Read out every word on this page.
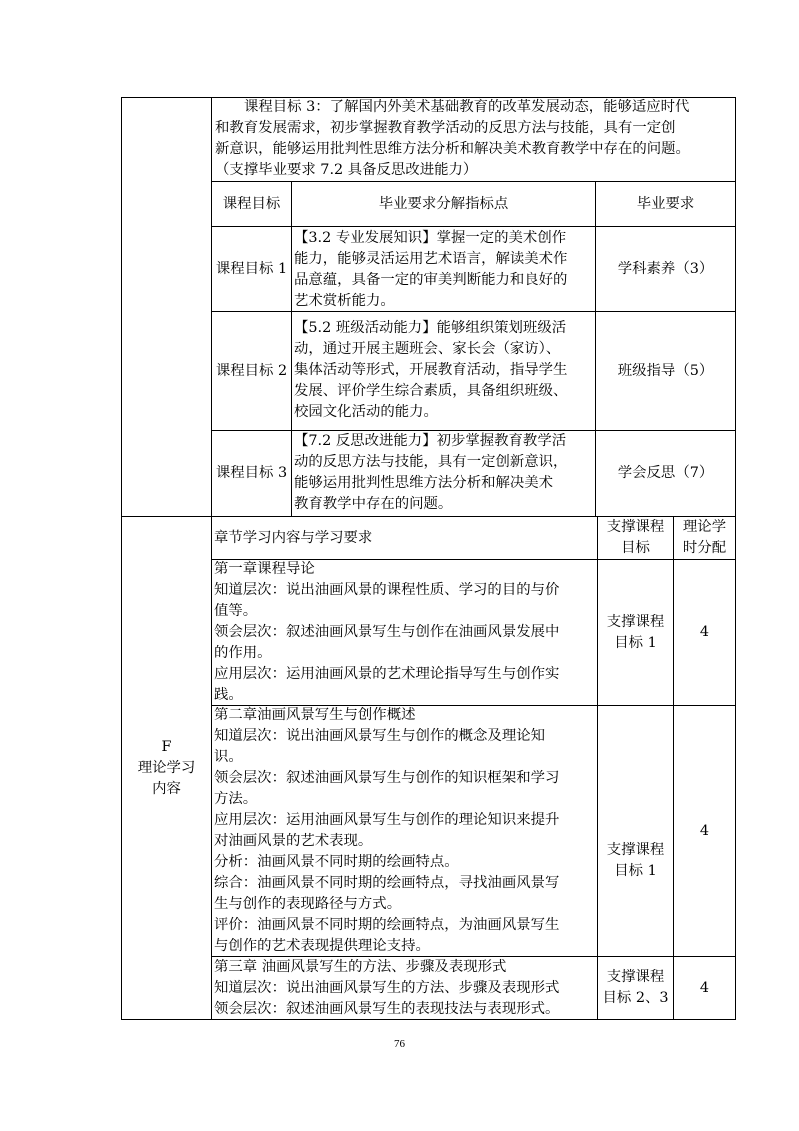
课程目标 3：了解国内外美术基础教育的改革发展动态，能够适应时代
和教育发展需求，初步掌握教育教学活动的反思方法与技能，具有一定创
新意识，能够运用批判性思维方法分析和解决美术教育教学中存在的问题。
（支撑毕业要求 7.2 具备反思改进能力）
课程目标	毕业要求分解指标点	毕业要求
课程目标 1
【3.2 专业发展知识】掌握一定的美术创作
能力，能够灵活运用艺术语言，解读美术作
品意蕴，具备一定的审美判断能力和良好的
艺术赏析能力。
学科素养（3）
课程目标 2
【5.2 班级活动能力】能够组织策划班级活
动，通过开展主题班会、家长会（家访）、
集体活动等形式，开展教育活动，指导学生
发展、评价学生综合素质，具备组织班级、
校园文化活动的能力。
班级指导（5）
课程目标 3
【7.2 反思改进能力】初步掌握教育教学活
动的反思方法与技能，具有一定创新意识，
能够运用批判性思维方法分析和解决美术
教育教学中存在的问题。
学会反思（7）
F
理论学习
内容
章节学习内容与学习要求
支撑课程
目标
理论学
时分配
第一章课程导论
知道层次：说出油画风景的课程性质、学习的目的与价
值等。
领会层次：叙述油画风景写生与创作在油画风景发展中
的作用。
应用层次：运用油画风景的艺术理论指导写生与创作实
践。
支撑课程
目标 1
4
第二章油画风景写生与创作概述
知道层次：说出油画风景写生与创作的概念及理论知
识。
领会层次：叙述油画风景写生与创作的知识框架和学习
方法。
应用层次：运用油画风景写生与创作的理论知识来提升
对油画风景的艺术表现。
分析：油画风景不同时期的绘画特点。
综合：油画风景不同时期的绘画特点，寻找油画风景写
生与创作的表现路径与方式。
评价：油画风景不同时期的绘画特点，为油画风景写生
与创作的艺术表现提供理论支持。
支撑课程
目标 1
4
第三章 油画风景写生的方法、步骤及表现形式
知道层次：说出油画风景写生的方法、步骤及表现形式
领会层次：叙述油画风景写生的表现技法与表现形式。
支撑课程
目标 2、3
4
76
